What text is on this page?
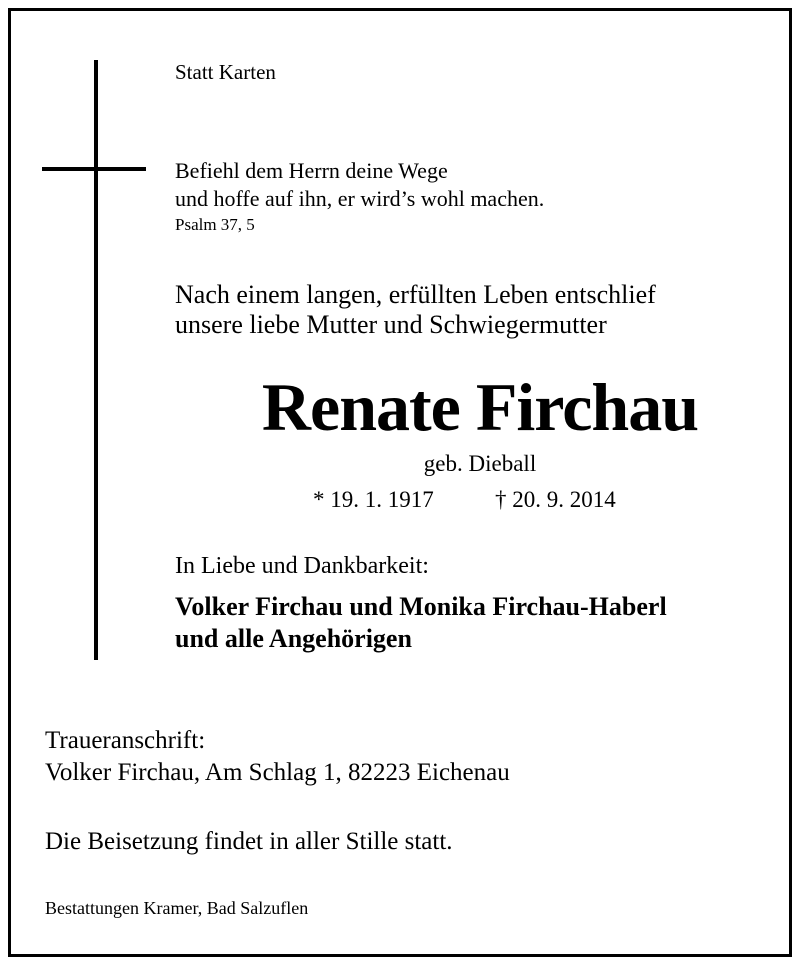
Statt Karten

Befiehl dem Herrn deine Wege
und hoffe auf ihn, er wird’s wohl machen.

Psalm 37, 5

Nach einem langen, erfüllten Leben entschlief
unsere liebe Mutter und Schwiegermutter
Renate Firchau

geb. Dieball

* 19. 1. 1917	† 20. 9. 2014

In Liebe und Dankbarkeit:

Volker Firchau und Monika Firchau-Haberl
und alle Angehörigen

Traueranschrift:

Volker Firchau, Am Schlag 1, 82223 Eichenau

Die Beisetzung findet in aller Stille statt.

Bestattungen Kramer, Bad Salzuflen
